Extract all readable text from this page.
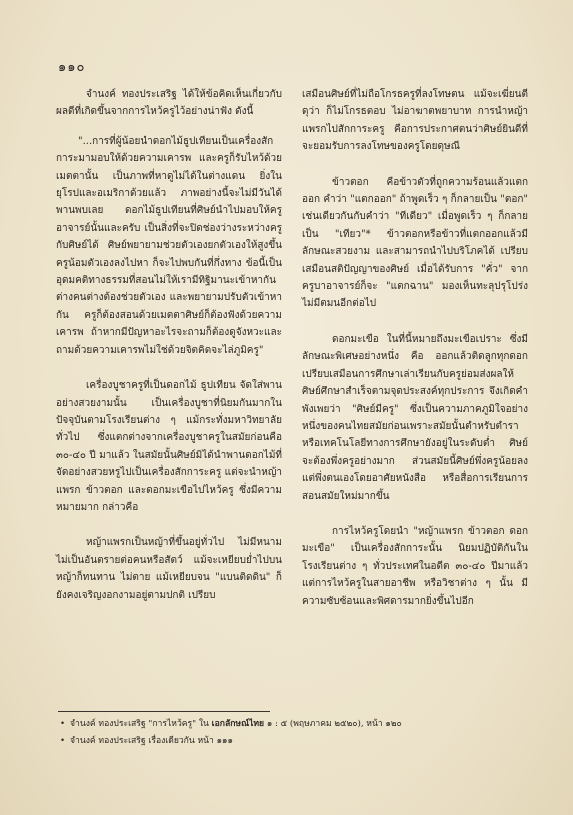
๑๑๐

จำนงค์ ทองประเสริฐ ได้ให้ข้อคิดเห็นเกี่ยวกับผลดีที่เกิดขึ้นจากการไหว้ครูไว้อย่างน่าฟัง ดังนี้

"...การที่ผู้น้อยนำดอกไม้ธูปเทียนเป็นเครื่องสักการะมามอบให้ด้วยความเคารพ และครูก็รับไหว้ด้วยเมตตานั้น เป็นภาพที่หาดูไม่ได้ในต่างแดน ยิ่งในยุโรปและอเมริกาด้วยแล้ว ภาพอย่างนี้จะไม่มีวันได้พานพบเลย ดอกไม้ธูปเทียนที่ศิษย์นำไปมอบให้ครูอาจารย์นั้นและครับ เป็นสิ่งที่จะปิดช่องว่างระหว่างครูกับศิษย์ได้ ศิษย์พยายามช่วยตัวเองยกตัวเองให้สูงขึ้น ครูน้อมตัวเองลงไปหา ก็จะไปพบกันที่กึ่งทาง ข้อนี้เป็นอุดมคติทางธรรมที่สอนไม่ให้เรามีทิฐิมานะเข้าหากัน ต่างคนต่างต้องช่วยตัวเอง และพยายามปรับตัวเข้าหากัน ครูก็ต้องสอนด้วยเมตตาศิษย์ก็ต้องฟังด้วยความเคารพ ถ้าหากมีปัญหาอะไรจะถามก็ต้องดูจังหวะและถามด้วยความเคารพไม่ใช่ด้วยจิตคิดจะไล่ภูมิครู"

เครื่องบูชาครูที่เป็นดอกไม้ ธูปเทียน จัดใส่พานอย่างสวยงามนั้น เป็นเครื่องบูชาที่นิยมกันมากในปัจจุบันตามโรงเรียนต่าง ๆ แม้กระทั่งมหาวิทยาลัยทั่วไป ซึ่งแตกต่างจากเครื่องบูชาครูในสมัยก่อนคือ ๓๐-๔๐ ปี มาแล้ว ในสมัยนั้นศิษย์มิได้นำพานดอกไม้ที่จัดอย่างสวยหรูไปเป็นเครื่องสักการะครู แต่จะนำหญ้าแพรก ข้าวตอก และดอกมะเขือไปไหว้ครู ซึ่งมีความหมายมาก กล่าวคือ

หญ้าแพรกเป็นหญ้าที่ขึ้นอยู่ทั่วไป ไม่มีหนาม ไม่เป็นอันตรายต่อคนหรือสัตว์ แม้จะเหยียบย่ำไปบนหญ้าก็ทนทาน ไม่ตาย แม้เหยียบจน "แบนติดดิน" ก็ยังคงเจริญงอกงามอยู่ตามปกติ เปรียบ

เสมือนศิษย์ที่ไม่ถือโกรธครูที่ลงโทษตน แม้จะเฆี่ยนตี ดุว่า ก็ไม่โกรธตอบ ไม่อาฆาตพยาบาท การนำหญ้าแพรกไปสักการะครู คือการประกาศตนว่าศิษย์ยินดีที่จะยอมรับการลงโทษของครูโดยดุษณี

ข้าวตอก คือข้าวตัวที่ถูกความร้อนแล้วแตกออก คำว่า "แตกออก" ถ้าพูดเร็ว ๆ ก็กลายเป็น "ตอก" เช่นเดียวกันกับคำว่า "ทีเดียว" เมื่อพูดเร็ว ๆ ก็กลายเป็น "เทียว"* ข้าวตอกหรือข้าวที่แตกออกแล้วมีลักษณะสวยงาม และสามารถนำไปบริโภคได้ เปรียบเสมือนสติปัญญาของศิษย์ เมื่อได้รับการ "คั่ว" จากครูบาอาจารย์ก็จะ "แตกฉาน" มองเห็นทะลุปรุโปร่ง ไม่มีตมนอีกต่อไป

ดอกมะเขือ ในที่นี้หมายถึงมะเขือเปราะ ซึ่งมีลักษณะพิเศษอย่างหนึ่ง คือ ออกแล้วติดลูกทุกดอก เปรียบเสมือนการศึกษาเล่าเรียนกับครูย่อมส่งผลให้ศิษย์ศึกษาสำเร็จตามจุดประสงค์ทุกประการ จึงเกิดคำพังเพยว่า "ศิษย์มีครู" ซึ่งเป็นความภาคภูมิใจอย่างหนึ่งของคนไทยสมัยก่อนเพราะสมัยนั้นตำหรับตำรา หรือเทคโนโลยีทางการศึกษายังอยู่ในระดับต่ำ ศิษย์จะต้องพึ่งครูอย่างมาก ส่วนสมัยนี้ศิษย์พึ่งครูน้อยลง แต่พึ่งตนเองโดยอาศัยหนังสือ หรือสื่อการเรียนการสอนสมัยใหม่มากขึ้น

การไหว้ครูโดยนำ "หญ้าแพรก ข้าวตอก ดอกมะเขือ" เป็นเครื่องสักการะนั้น นิยมปฏิบัติกันในโรงเรียนต่าง ๆ ทั่วประเทศในอดีต ๓๐-๔๐ ปีมาแล้วแต่การไหว้ครูในสายอาชีพ หรือวิชาต่าง ๆ นั้น มีความซับซ้อนและพิศดารมากยิ่งขึ้นไปอีก

• จำนงค์ ทองประเสริฐ "การไหว้ครู" ใน เอกลักษณ์ไทย ๑ : ๕ (พฤษภาคม ๒๕๒๐), หน้า ๑๒๐

• จำนงค์ ทองประเสริฐ เรื่องเดียวกัน หน้า ๑๑๑
